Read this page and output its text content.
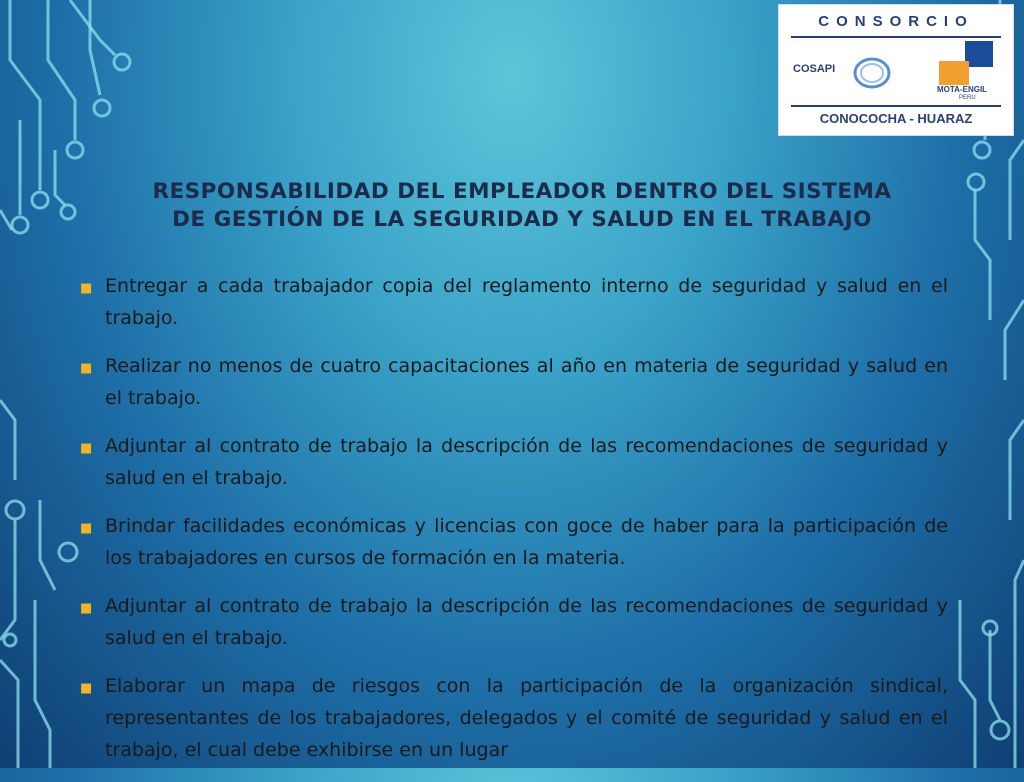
CONSORCIO
COSAPI
MOTA-ENGIL
PERU
CONOCOCHA - HUARAZ
RESPONSABILIDAD DEL EMPLEADOR DENTRO DEL SISTEMA
DE GESTIÓN DE LA SEGURIDAD Y SALUD EN EL TRABAJO
■ Entregar a cada trabajador copia del reglamento interno de seguridad y salud en el trabajo.
■ Realizar no menos de cuatro capacitaciones al año en materia de seguridad y salud en el trabajo.
■ Adjuntar al contrato de trabajo la descripción de las recomendaciones de seguridad y salud en el trabajo.
■ Brindar facilidades económicas y licencias con goce de haber para la participación de los trabajadores en cursos de formación en la materia.
■ Adjuntar al contrato de trabajo la descripción de las recomendaciones de seguridad y salud en el trabajo.
■ Elaborar un mapa de riesgos con la participación de la organización sindical, representantes de los trabajadores, delegados y el comité de seguridad y salud en el trabajo, el cual debe exhibirse en un lugar
